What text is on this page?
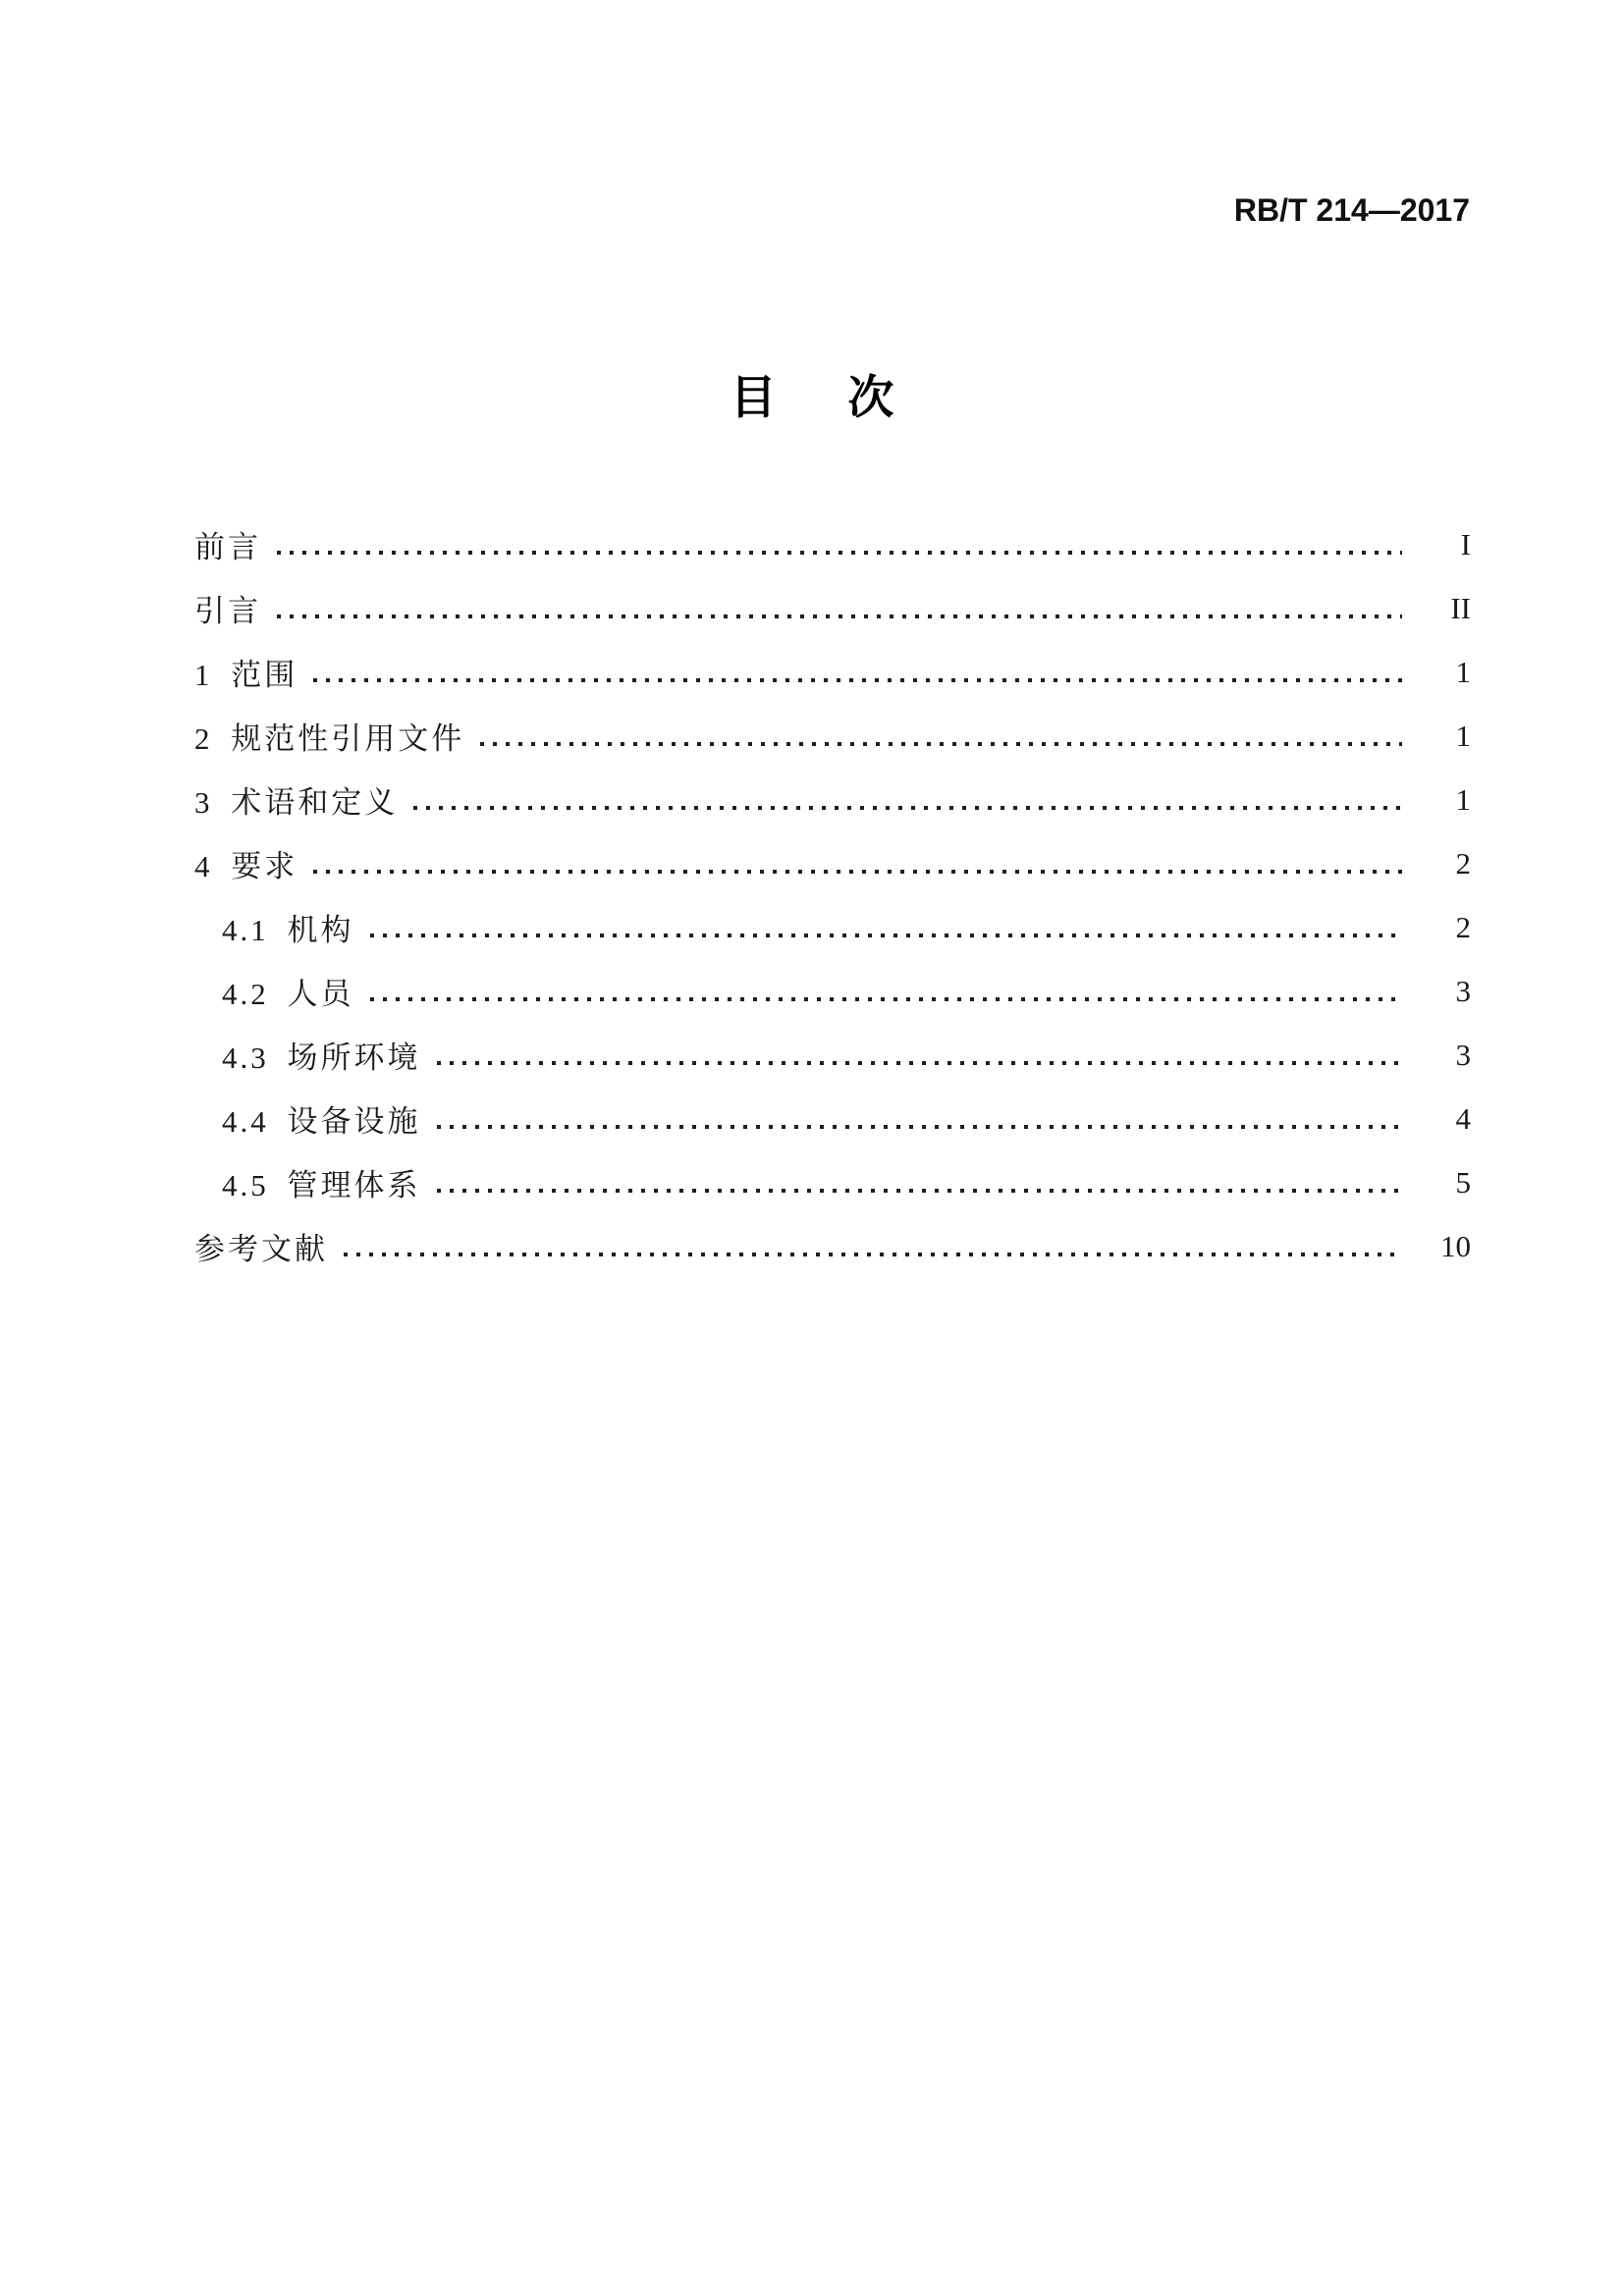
RB/T 214—2017
目次
前言	I
引言	II
1 范围	1
2 规范性引用文件	1
3 术语和定义	1
4 要求	2
4.1 机构	2
4.2 人员	3
4.3 场所环境	3
4.4 设备设施	4
4.5 管理体系	5
参考文献	10
